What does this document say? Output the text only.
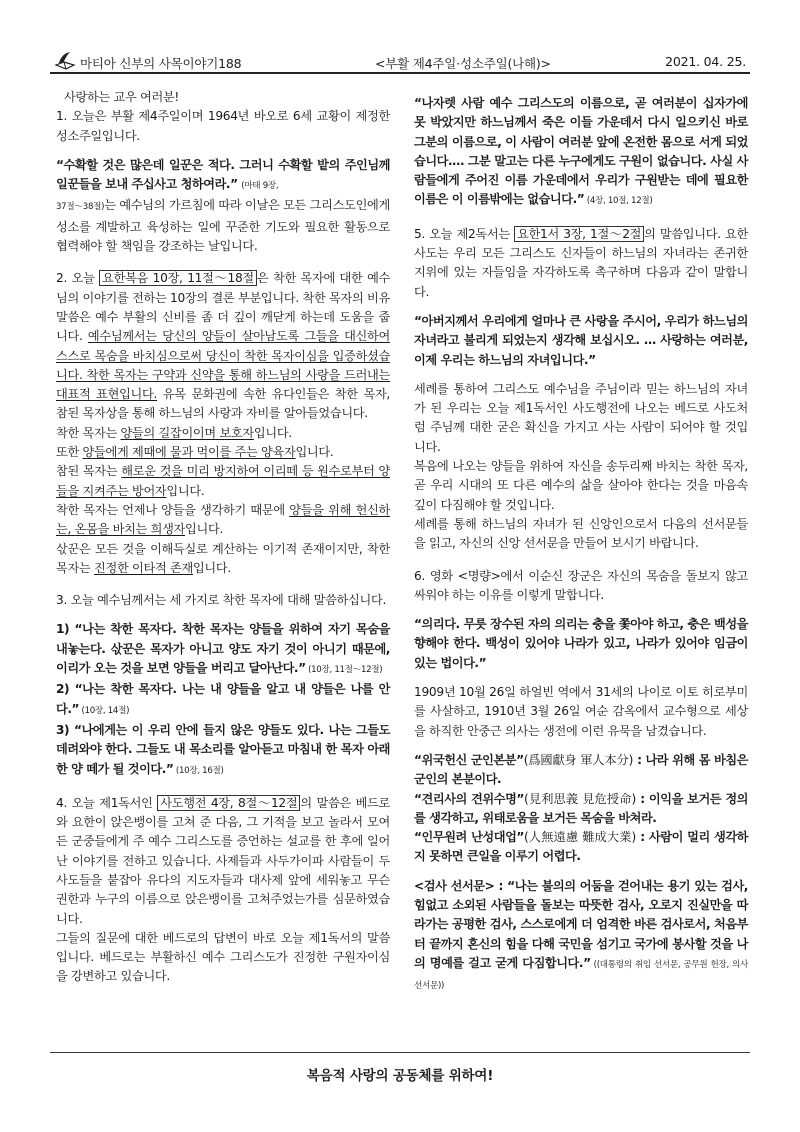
마티아 신부의 사목이야기188	<부활 제4주일·성소주일(나해)>	2021. 04. 25.

사랑하는 교우 여러분!

1. 오늘은 부활 제4주일이며 1964년 바오로 6세 교황이 제정한 성소주일입니다.

“수확할 것은 많은데 일꾼은 적다. 그러니 수확할 밭의 주인님께 일꾼들을 보내 주십사고 청하여라.” (마태 9장,
37절～38절)는 예수님의 가르침에 따라 이날은 모든 그리스도인에게 성소를 계발하고 육성하는 일에 꾸준한 기도와 필요한 활동으로 협력해야 할 책임을 강조하는 날입니다.

2. 오늘 요한복음 10장, 11절～18절 은 착한 목자에 대한 예수님의 이야기를 전하는 10장의 결론 부분입니다. 착한 목자의 비유 말씀은 예수 부활의 신비를 좀 더 깊이 깨닫게 하는데 도움을 줍니다. 예수님께서는 당신의 양들이 살아남도록 그들을 대신하여 스스로 목숨을 바치심으로써 당신이 착한 목자이심을 입증하셨습니다. 착한 목자는 구약과 신약을 통해 하느님의 사랑을 드러내는 대표적 표현입니다. 유목 문화권에 속한 유다인들은 착한 목자, 참된 목자상을 통해 하느님의 사랑과 자비를 알아들었습니다.

착한 목자는 양들의 길잡이이며 보호자입니다.

또한 양들에게 제때에 물과 먹이를 주는 양육자입니다.

참된 목자는 해로운 것을 미리 방지하여 이리떼 등 원수로부터 양들을 지켜주는 방어자입니다.

착한 목자는 언제나 양들을 생각하기 때문에 양들을 위해 헌신하는, 온몸을 바치는 희생자입니다.

삯꾼은 모든 것을 이해득실로 계산하는 이기적 존재이지만, 착한 목자는 진정한 이타적 존재입니다.

3. 오늘 예수님께서는 세 가지로 착한 목자에 대해 말씀하십니다.

1) “나는 착한 목자다. 착한 목자는 양들을 위하여 자기 목숨을 내놓는다. 삯꾼은 목자가 아니고 양도 자기 것이 아니기 때문에, 이리가 오는 것을 보면 양들을 버리고 달아난다.” (10장, 11절～12절)

2) “나는 착한 목자다. 나는 내 양들을 알고 내 양들은 나를 안다.” (10장, 14절)

3) “나에게는 이 우리 안에 들지 않은 양들도 있다. 나는 그들도 데려와야 한다. 그들도 내 목소리를 알아듣고 마침내 한 목자 아래 한 양 떼가 될 것이다.” (10장, 16절)

4. 오늘 제1독서인 사도행전 4장, 8절～12절 의 말씀은 베드로와 요한이 앉은뱅이를 고쳐 준 다음, 그 기적을 보고 놀라서 모여든 군중들에게 주 예수 그리스도를 증언하는 설교를 한 후에 일어난 이야기를 전하고 있습니다. 사제들과 사두가이파 사람들이 두 사도들을 붙잡아 유다의 지도자들과 대사제 앞에 세워놓고 무슨 권한과 누구의 이름으로 앉은뱅이를 고쳐주었는가를 심문하였습니다.

그들의 질문에 대한 베드로의 답변이 바로 오늘 제1독서의 말씀입니다. 베드로는 부활하신 예수 그리스도가 진정한 구원자이심을 강변하고 있습니다.

“나자렛 사람 예수 그리스도의 이름으로, 곧 여러분이 십자가에 못 박았지만 하느님께서 죽은 이들 가운데서 다시 일으키신 바로 그분의 이름으로, 이 사람이 여러분 앞에 온전한 몸으로 서게 되었습니다.… 그분 말고는 다른 누구에게도 구원이 없습니다. 사실 사람들에게 주어진 이름 가운데에서 우리가 구원받는 데에 필요한 이름은 이 이름밖에는 없습니다.” (4장, 10절, 12절)

5. 오늘 제2독서는 요한1서 3장, 1절～2절 의 말씀입니다. 요한 사도는 우리 모든 그리스도 신자들이 하느님의 자녀라는 존귀한 지위에 있는 자들임을 자각하도록 촉구하며 다음과 같이 말합니다.

“아버지께서 우리에게 얼마나 큰 사랑을 주시어, 우리가 하느님의 자녀라고 불리게 되었는지 생각해 보십시오. … 사랑하는 여러분, 이제 우리는 하느님의 자녀입니다.”

세례를 통하여 그리스도 예수님을 주님이라 믿는 하느님의 자녀가 된 우리는 오늘 제1독서인 사도행전에 나오는 베드로 사도처럼 주님께 대한 굳은 확신을 가지고 사는 사람이 되어야 할 것입니다.

복음에 나오는 양들을 위하여 자신을 송두리째 바치는 착한 목자, 곧 우리 시대의 또 다른 예수의 삶을 살아야 한다는 것을 마음속 깊이 다짐해야 할 것입니다.

세례를 통해 하느님의 자녀가 된 신앙인으로서 다음의 선서문들을 읽고, 자신의 신앙 선서문을 만들어 보시기 바랍니다.

6. 영화 <명량>에서 이순신 장군은 자신의 목숨을 돌보지 않고 싸워야 하는 이유를 이렇게 말합니다.

“의리다. 무릇 장수된 자의 의리는 충을 쫓아야 하고, 충은 백성을 향해야 한다. 백성이 있어야 나라가 있고, 나라가 있어야 임금이 있는 법이다.”

1909년 10월 26일 하얼빈 역에서 31세의 나이로 이토 히로부미를 사살하고, 1910년 3월 26일 여순 감옥에서 교수형으로 세상을 하직한 안중근 의사는 생전에 이런 유묵을 남겼습니다.

“위국헌신 군인본분”(爲國獻身 軍人本分) : 나라 위해 몸 바침은 군인의 본분이다.

“견리사의 견위수명”(見利思義 見危授命) : 이익을 보거든 정의를 생각하고, 위태로움을 보거든 목숨을 바쳐라.

“인무원려 난성대업”(人無遠慮 難成大業) : 사람이 멀리 생각하지 못하면 큰일을 이루기 어렵다.

<검사 선서문> : “나는 불의의 어둠을 걷어내는 용기 있는 검사, 힘없고 소외된 사람들을 돌보는 따뜻한 검사, 오로지 진실만을 따라가는 공평한 검사, 스스로에게 더 엄격한 바른 검사로서, 처음부터 끝까지 혼신의 힘을 다해 국민을 섬기고 국가에 봉사할 것을 나의 명예를 걸고 굳게 다짐합니다.” ((대통령의 취임 선서문, 공무원 헌장, 의사 선서문))

복음적 사랑의 공동체를 위하여!
